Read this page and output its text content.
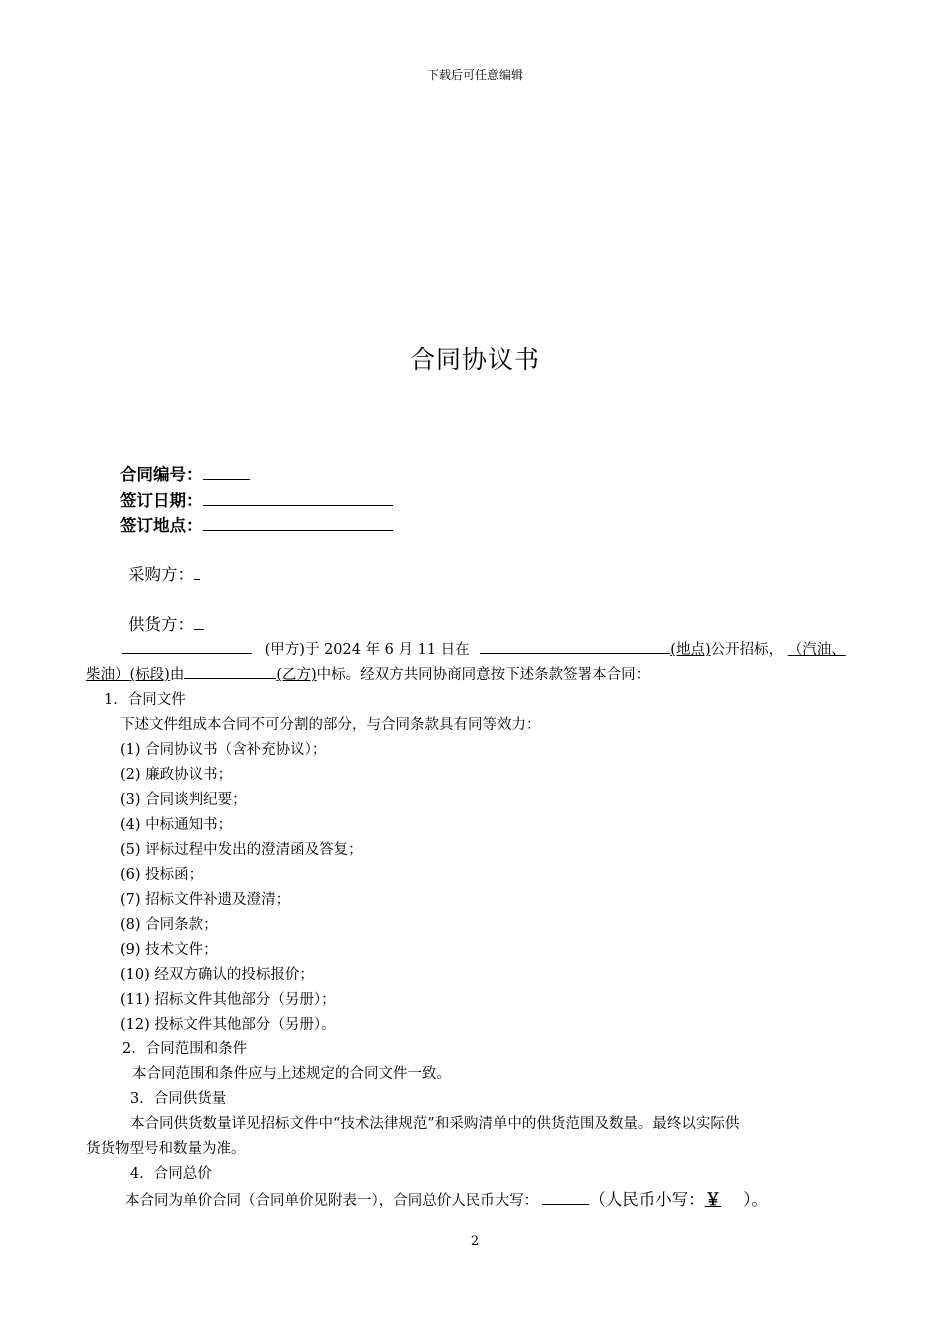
下载后可任意编辑
合同协议书
合同编号：
签订日期：
签订地点：
采购方：
供货方：
(甲方)于 2024 年 6 月 11 日在	(地点)公开招标， （汽油、
柴油）(标段)由	(乙方)中标。经双方共同协商同意按下述条款签署本合同：
1．合同文件
下述文件组成本合同不可分割的部分，与合同条款具有同等效力：
(1) 合同协议书（含补充协议）；
(2) 廉政协议书；
(3) 合同谈判纪要；
(4) 中标通知书；
(5) 评标过程中发出的澄清函及答复；
(6) 投标函；
(7) 招标文件补遗及澄清；
(8) 合同条款；
(9) 技术文件；
(10) 经双方确认的投标报价；
(11) 招标文件其他部分（另册）；
(12) 投标文件其他部分（另册）。
2．合同范围和条件
本合同范围和条件应与上述规定的合同文件一致。
3．合同供货量
本合同供货数量详见招标文件中“技术法律规范”和采购清单中的供货范围及数量。最终以实际供
货货物型号和数量为准。
4．合同总价
本合同为单价合同（合同单价见附表一），合同总价人民币大写：	（人民币小写：￥ ）。
2
